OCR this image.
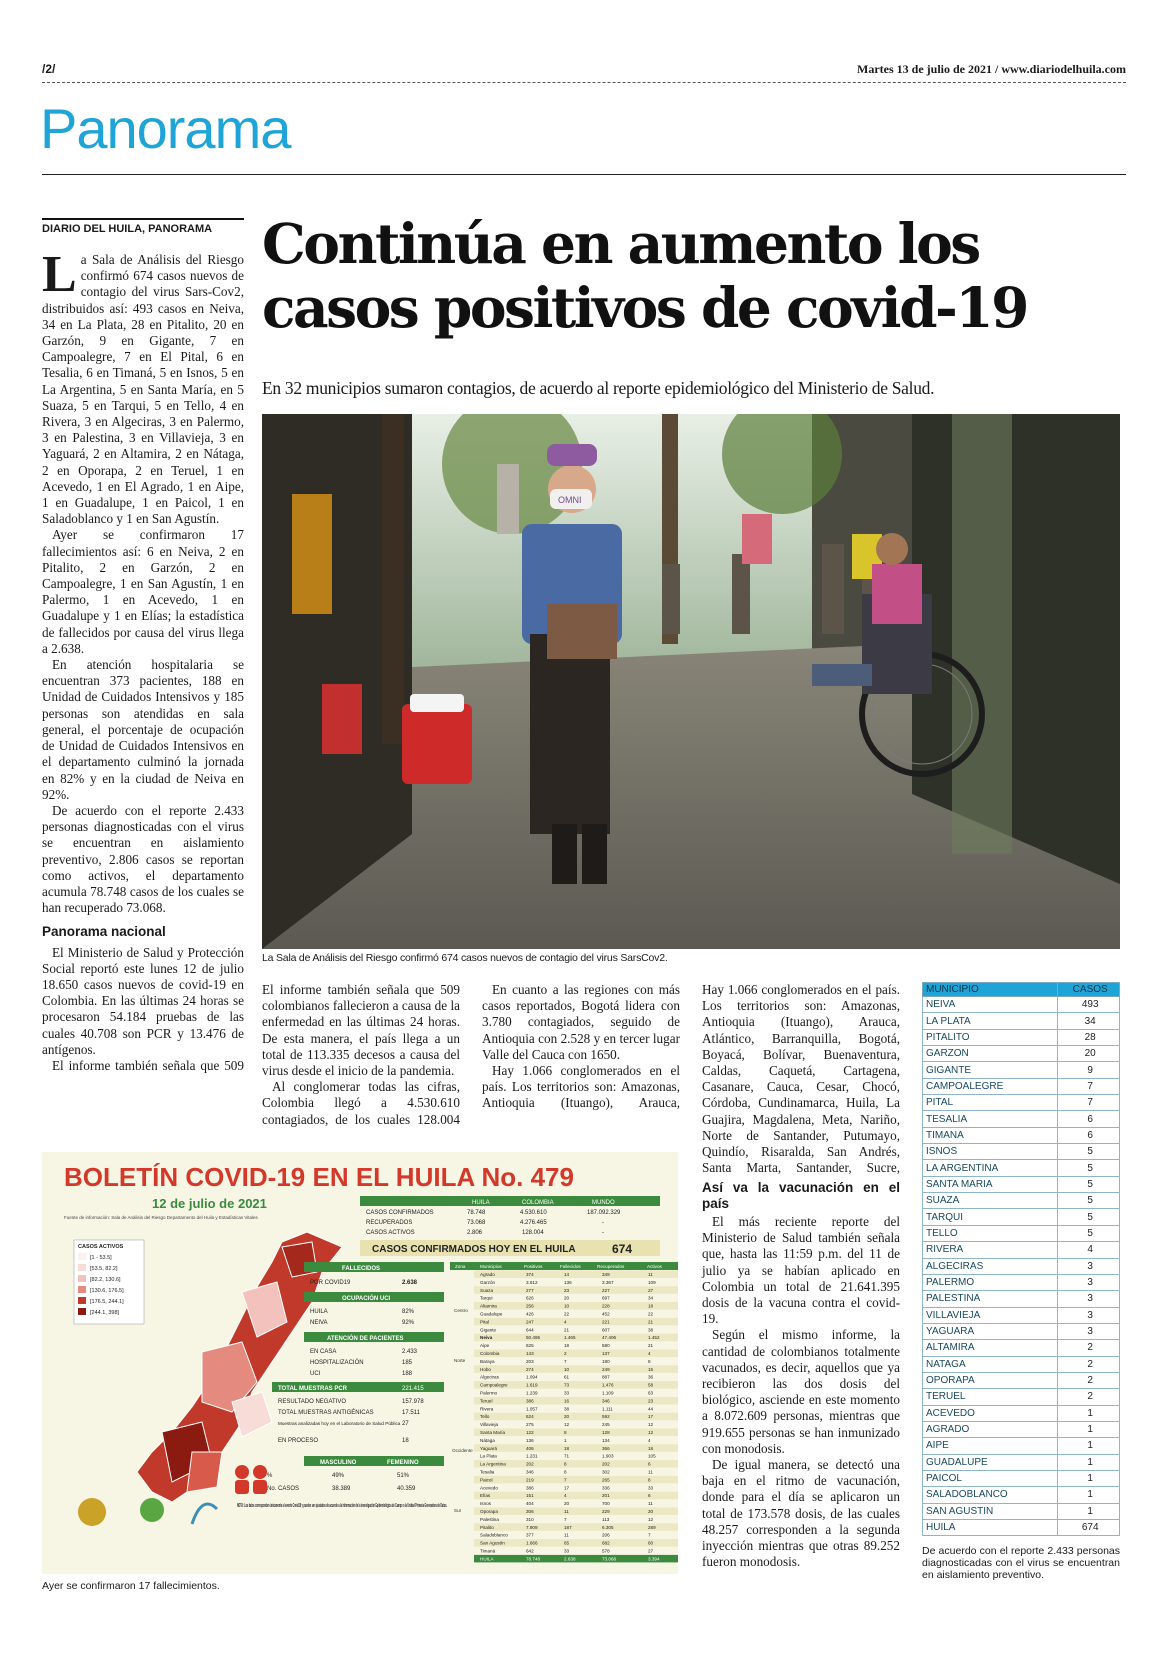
/2/	Martes 13 de julio de 2021 / www.diariodelhuila.com
Panorama
DIARIO DEL HUILA, PANORAMA

La Sala de Análisis del Riesgo confirmó 674 casos nuevos de contagio del virus Sars-Cov2, distribuidos así: 493 casos en Neiva, 34 en La Plata, 28 en Pitalito, 20 en Garzón, 9 en Gigante, 7 en Campoalegre, 7 en El Pital, 6 en Tesalia, 6 en Timaná, 5 en Isnos, 5 en La Argentina, 5 en Santa María, en 5 Suaza, 5 en Tarqui, 5 en Tello, 4 en Rivera, 3 en Algeciras, 3 en Palermo, 3 en Palestina, 3 en Villavieja, 3 en Yaguará, 2 en Altamira, 2 en Nátaga, 2 en Oporapa, 2 en Teruel, 1 en Acevedo, 1 en El Agrado, 1 en Aipe, 1 en Guadalupe, 1 en Paicol, 1 en Saladoblanco y 1 en San Agustín.

Ayer se confirmaron 17 fallecimientos así: 6 en Neiva, 2 en Pitalito, 2 en Garzón, 2 en Campoalegre, 1 en San Agustín, 1 en Palermo, 1 en Acevedo, 1 en Guadalupe y 1 en Elías; la estadística de fallecidos por causa del virus llega a 2.638.

En atención hospitalaria se encuentran 373 pacientes, 188 en Unidad de Cuidados Intensivos y 185 personas son atendidas en sala general, el porcentaje de ocupación de Unidad de Cuidados Intensivos en el departamento culminó la jornada en 82% y en la ciudad de Neiva en 92%.

De acuerdo con el reporte 2.433 personas diagnosticadas con el virus se encuentran en aislamiento preventivo, 2.806 casos se reportan como activos, el departamento acumula 78.748 casos de los cuales se han recuperado 73.068.

Panorama nacional

El Ministerio de Salud y Protección Social reportó este lunes 12 de julio 18.650 casos nuevos de covid-19 en Colombia. En las últimas 24 horas se procesaron 54.184 pruebas de las cuales 40.708 son PCR y 13.476 de antígenos.

El informe también señala que 509

Continúa en aumento los casos positivos de covid-19
En 32 municipios sumaron contagios, de acuerdo al reporte epidemiológico del Ministerio de Salud.
OMNI
La Sala de Análisis del Riesgo confirmó 674 casos nuevos de contagio del virus SarsCov2.

El informe también señala que 509 colombianos fallecieron a causa de la enfermedad en las últimas 24 horas. De esta manera, el país llega a un total de 113.335 decesos a causa del virus desde el inicio de la pandemia.

Al conglomerar todas las cifras, Colombia llegó a 4.530.610 contagiados, de los cuales 128.004

En cuanto a las regiones con más casos reportados, Bogotá lidera con 3.780 contagiados, seguido de Antioquia con 2.528 y en tercer lugar Valle del Cauca con 1650.

Hay 1.066 conglomerados en el país. Los territorios son: Amazonas, Antioquia (Ituango), Arauca,

Hay 1.066 conglomerados en el país. Los territorios son: Amazonas, Antioquia (Ituango), Arauca, Atlántico, Barranquilla, Bogotá, Boyacá, Bolívar, Buenaventura, Caldas, Caquetá, Cartagena, Casanare, Cauca, Cesar, Chocó, Córdoba, Cundinamarca, Huila, La Guajira, Magdalena, Meta, Nariño, Norte de Santander, Putumayo, Quindío, Risaralda, San Andrés, Santa Marta, Santander, Sucre,

Así va la vacunación en el país

El más reciente reporte del Ministerio de Salud también señala que, hasta las 11:59 p.m. del 11 de julio ya se habían aplicado en Colombia un total de 21.641.395 dosis de la vacuna contra el covid-19.

Según el mismo informe, la cantidad de colombianos totalmente vacunados, es decir, aquellos que ya recibieron las dos dosis del biológico, asciende en este momento a 8.072.609 personas, mientras que 919.655 personas se han inmunizado con monodosis.

De igual manera, se detectó una baja en el ritmo de vacunación, donde para el día se aplicaron un total de 173.578 dosis, de las cuales 48.257 corresponden a la segunda inyección mientras que otras 89.252 fueron monodosis.

BOLETÍN COVID-19 EN EL HUILA No. 479
12 de julio de 2021
Fuente de información: Sala de Análisis del Riesgo Departamento del Huila y Estadísticas Vitales
CASOS ACTIVOS
[1 - 53.5]
[53.5, 82.2]
[82.2, 130.6]
[130.6, 176.5]
[176.5, 244.1]
[244.1, 398]
HUILA	COLOMBIA	MUNDO
CASOS CONFIRMADOS	78.748	4.530.610	187.092.329
RECUPERADOS	73.068	4.276.465	-
CASOS ACTIVOS	2.806	128.004	-
CASOS CONFIRMADOS HOY EN EL HUILA	674
FALLECIDOS
POR COVID19	2.638
OCUPACIÓN UCI
HUILA	82%
NEIVA	92%
ATENCIÓN DE PACIENTES
EN CASA	2.433
HOSPITALIZACIÓN	185
UCI	188
TOTAL MUESTRAS PCR	221.415
RESULTADO NEGATIVO	157.978
TOTAL MUESTRAS ANTIGÉNICAS	17.511
Muestras analizadas hoy en el Laboratorio de Salud Pública 27
EN PROCESO	18
MASCULINO	FEMENINO
%	49%	51%
No. CASOS	38.389	40.359
NOTA: Los datos corresponden únicamente al evento Covid19 y pueden ser ajustados de acuerdo a la información de la investigación Epidemiológica de Campo o la Unidad Primaria Generadora de Datos.
Zona	Municipios	Positivos	Fallecidos	Recuperados	Activos
Centro
Norte
Occidente
Sur
Agrado	374	14	349	11
Garzón	3.612	136	3.367	109
Suaza	277	23	227	27
Tarqui	626	20	697	34
Altamira	256	10	228	18
Guadalupe	426	22	452	22
Pital	247	4	221	21
Gigante	644	21	607	38
Neiva	50.495	1.465	47.406	1.452
Aipe	625	18	580	21
Colombia	143	2	137	4
Baraya	203	7	180	8
Hobo	274	10	249	15
Algeciras	1.094	61	887	36
Campoalegre	1.619	73	1.476	58
Palermo	1.239	33	1.109	63
Teruel	386	16	346	23
Rivera	1.057	38	1.111	44
Tello	624	20	592	17
Villavieja	275	12	245	12
Santa María	122	8	128	12
Nátaga	136	1	134	4
Yaguará	406	18	366	18
La Plata	1.231	71	1.903	105
La Argentina	202	8	202	6
Tesalia	346	8	302	11
Paicol	219	7	265	8
Acevedo	386	17	336	33
Elías	151	4	201	6
Isnos	404	20	700	11
Oporapa	306	11	229	20
Palestina	310	7	113	12
Pitalito	7.909	187	6.305	289
Saladoblanco	377	11	206	7
San Agustín	1.666	65	682	60
Timaná	642	33	578	27
HUILA	78.748	2.638	73.068	3.394
Ayer se confirmaron 17 fallecimientos.
MUNICIPIO	CASOS
NEIVA	493
LA PLATA	34
PITALITO	28
GARZON	20
GIGANTE	9
CAMPOALEGRE	7
PITAL	7
TESALIA	6
TIMANA	6
ISNOS	5
LA ARGENTINA	5
SANTA MARIA	5
SUAZA	5
TARQUI	5
TELLO	5
RIVERA	4
ALGECIRAS	3
PALERMO	3
PALESTINA	3
VILLAVIEJA	3
YAGUARA	3
ALTAMIRA	2
NATAGA	2
OPORAPA	2
TERUEL	2
ACEVEDO	1
AGRADO	1
AIPE	1
GUADALUPE	1
PAICOL	1
SALADOBLANCO	1
SAN AGUSTIN	1
HUILA	674
De acuerdo con el reporte 2.433 personas diagnosticadas con el virus se encuentran en aislamiento preventivo.
